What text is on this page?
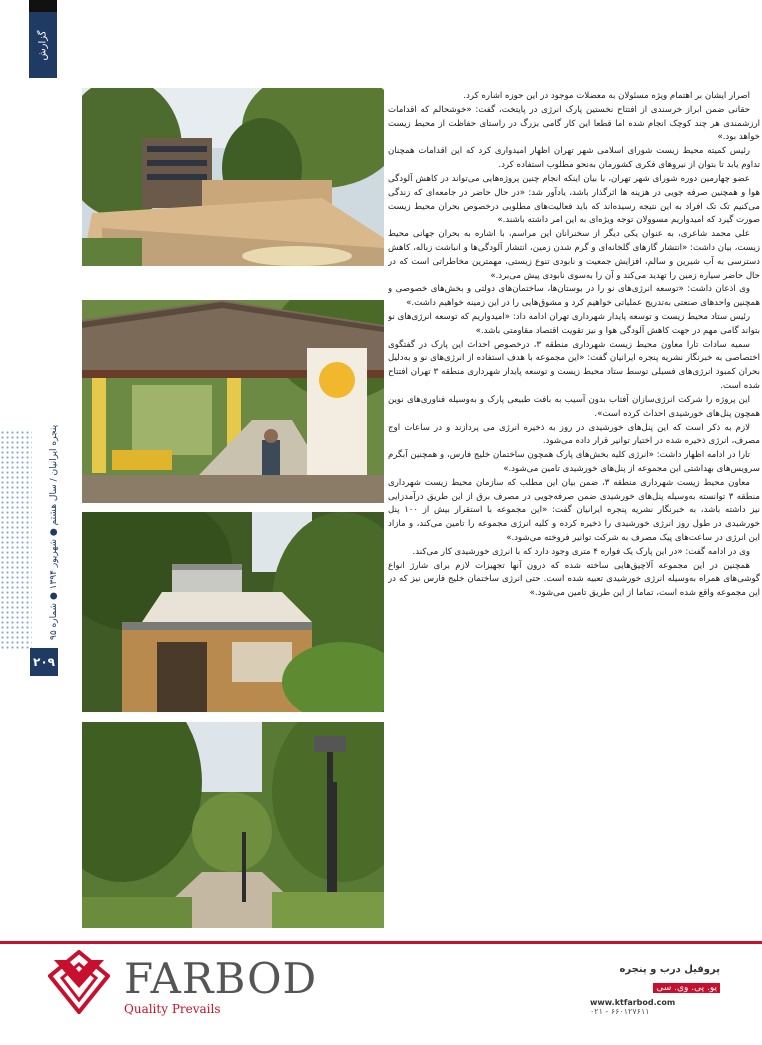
گزارش
پنجره ایرانیان / سال هشتم ● شهریور ۱۳۹۴ ● شماره ۹۵
۲۰۹

اصرار ایشان بر اهتمام ویژه مسئولان به معضلات موجود در این حوزه اشاره کرد.

حقانی ضمن ابراز خرسندی از افتتاح نخستین پارک انرژی در پایتخت، گفت: «خوشحالم که اقدامات ارزشمندی هر چند کوچک انجام شده اما قطعا این کار گامی بزرگ در راستای حفاظت از محیط زیست خواهد بود.»

رئیس کمیته محیط زیست شورای اسلامی شهر تهران اظهار امیدواری کرد که این اقدامات همچنان تداوم یابد تا بتوان از نیروهای فکری کشورمان به‌نحو مطلوب استفاده کرد.

عضو چهارمین دوره شورای شهر تهران، با بیان اینکه انجام چنین پروژه‌هایی می‌تواند در کاهش آلودگی هوا و همچنین صرفه جویی در هزینه ها اثرگذار باشد، یادآور شد: «در حال حاضر در جامعه‌ای که زندگی می‌کنیم تک تک افراد به این نتیجه رسیده‌اند که باید فعالیت‌های مطلوبی درخصوص بحران محیط زیست صورت گیرد که امیدواریم مسوولان توجه ویژه‌ای به این امر داشته باشند.»

علی محمد شاعری، به عنوان یکی دیگر از سخنرانان این مراسم، با اشاره به بحران جهانی محیط زیست، بیان داشت: «انتشار گازهای گلخانه‌ای و گرم شدن زمین، انتشار آلودگی‌ها و انباشت زباله، کاهش دسترسی به آب شیرین و سالم، افزایش جمعیت و نابودی تنوع زیستی، مهمترین مخاطراتی است که در حال حاضر سیاره زمین را تهدید می‌کند و آن را به‌سوی نابودی پیش می‌برد.»

وی اذعان داشت: «توسعه انرژی‌های نو را در بوستان‌ها، ساختمان‌های دولتی و بخش‌های خصوصی و همچنین واحدهای صنعتی به‌تدریج عملیاتی خواهیم کرد و مشوق‌هایی را در این زمینه خواهیم داشت.»

رئیس ستاد محیط زیست و توسعه پایدار شهرداری تهران ادامه داد: «امیدواریم که توسعه انرژی‌های نو بتواند گامی مهم در جهت کاهش آلودگی هوا و نیز تقویت اقتصاد مقاومتی باشد.»

سمیه سادات تارا معاون محیط زیست شهرداری منطقه ۳، درخصوص احداث این پارک در گفتگوی اختصاصی به خبرنگار نشریه پنجره ایرانیان گفت: «این مجموعه با هدف استفاده از انرژی‌های نو و به‌دلیل بحران کمبود انرژی‌های فسیلی توسط ستاد محیط زیست و توسعه پایدار شهرداری منطقه ۳ تهران افتتاح شده است.

این پروژه را شرکت انرژی‌سازان آفتاب بدون آسیب به بافت طبیعی پارک و به‌وسیله فناوری‌های نوین همچون پنل‌های خورشیدی احداث کرده است».

لازم به ذکر است که این پنل‌های خورشیدی در روز به ذخیره انرژی می پردازند و در ساعات اوج مصرف، انرژی ذخیره شده در اختیار توانیر قرار داده می‌شود.

تارا در ادامه اظهار داشت: «انرژی کلیه بخش‌های پارک همچون ساختمان خلیج فارس، و همچنین آبگرم سرویس‌های بهداشتی این مجموعه از پنل‌های خورشیدی تامین می‌شود.»

معاون محیط زیست شهرداری منطقه ۳، ضمن بیان این مطلب که سازمان محیط زیست شهرداری منطقه ۳ توانسته به‌وسیله پنل‌های خورشیدی ضمن صرفه‌جویی در مصرف برق از این طریق درآمدزایی نیز داشته باشد، به خبرنگار نشریه پنجره ایرانیان گفت: «این مجموعه با استقرار بیش از ۱۰۰ پنل خورشیدی در طول روز انرژی خورشیدی را ذخیره کرده و کلیه انرژی مجموعه را تامین می‌کند، و مازاد این انرژی در ساعت‌های پیک مصرف به شرکت توانیر فروخته می‌شود.»

وی در ادامه گفت: «در این پارک یک فواره ۴ متری وجود دارد که با انرژی خورشیدی کار می‌کند.

همچنین در این مجموعه آلاچیق‌هایی ساخته شده که درون آنها تجهیزات لازم برای شارژ انواع گوشی‌های همراه به‌وسیله انرژی خورشیدی تعبیه شده است. حتی انرژی ساختمان خلیج فارس نیز که در این مجموعه واقع شده است، تماما از این طریق تامین می‌شود.»

FARBOD
Quality Prevails
پروفیل درب و پنجره
یو. پی. وی. سی
www.ktfarbod.com
۰۲۱ - ۶۶۰۱۲۷۶۱۱
